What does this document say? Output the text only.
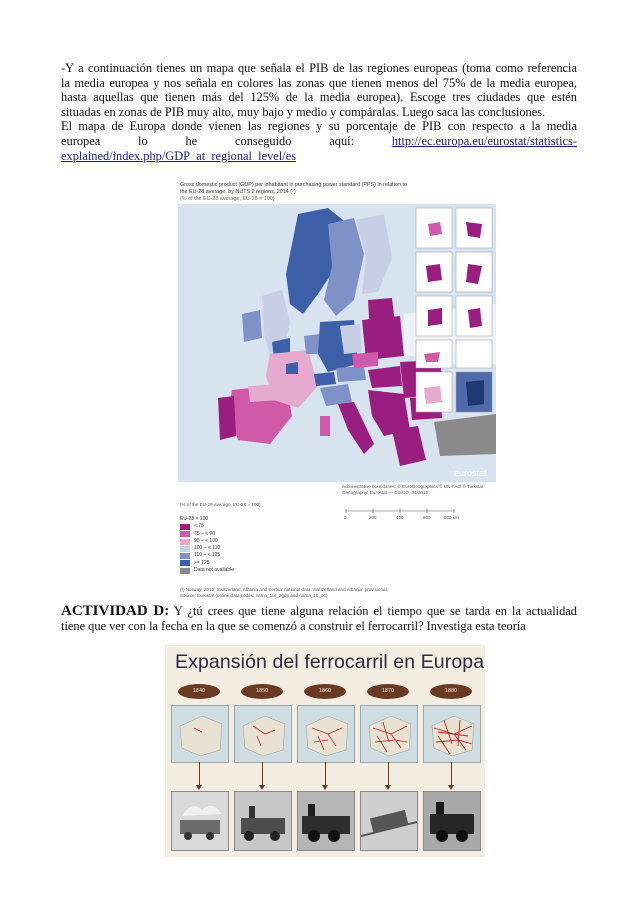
-Y a continuación tienes un mapa que señala el PIB de las regiones europeas (toma como referencia

la media europea y nos señala en colores las zonas que tienen menos del 75% de la media europea,

hasta aquellas que tienen más del 125% de la media europea). Escoge tres ciudades que estén

situadas en zonas de PIB muy alto, muy bajo y medio y compáralas. Luego saca las conclusiones.

El mapa de Europa donde vienen las regiones y su porcentaje de PIB con respecto a la media

europea	lo	he	conseguido	aquí:	http://ec.europa.eu/eurostat/statistics-

explained/index.php/GDP_at_regional_level/es

Gross domestic product (GDP) per inhabitant in purchasing power standard (PPS) in relation to
the EU-28 average, by NUTS 2 regions, 2014 (¹)
(% of the EU-28 average, EU-28 = 100)
eurostat
Administrative boundaries: © EuroGeographics © UN-FAO © Turkstat
Cartography: Eurostat — GISCO, 04/2016
(% of the EU-28 average, EU-28 = 100)
0	200	400	600	800 km
EU-28 = 100
< 75
75 – < 90
90 – < 100
100 – < 110
110 – < 125
>= 125
Data not available
(¹) Norway: 2013. Switzerland, Albania and Serbia: national data. Switzerland and Albania: provisional.
Source: Eurostat (online data codes: nama_10r_2gdp and nama_10_pc)

ACTIVIDAD D: Y ¿tú crees que tiene alguna relación el tiempo que se tarda en la actualidad

tiene que ver con la fecha en la que se comenzó a construir el ferrocarril? Investiga esta teoría

Expansión del ferrocarril en Europa
1840	1850	1860	1870	1880
